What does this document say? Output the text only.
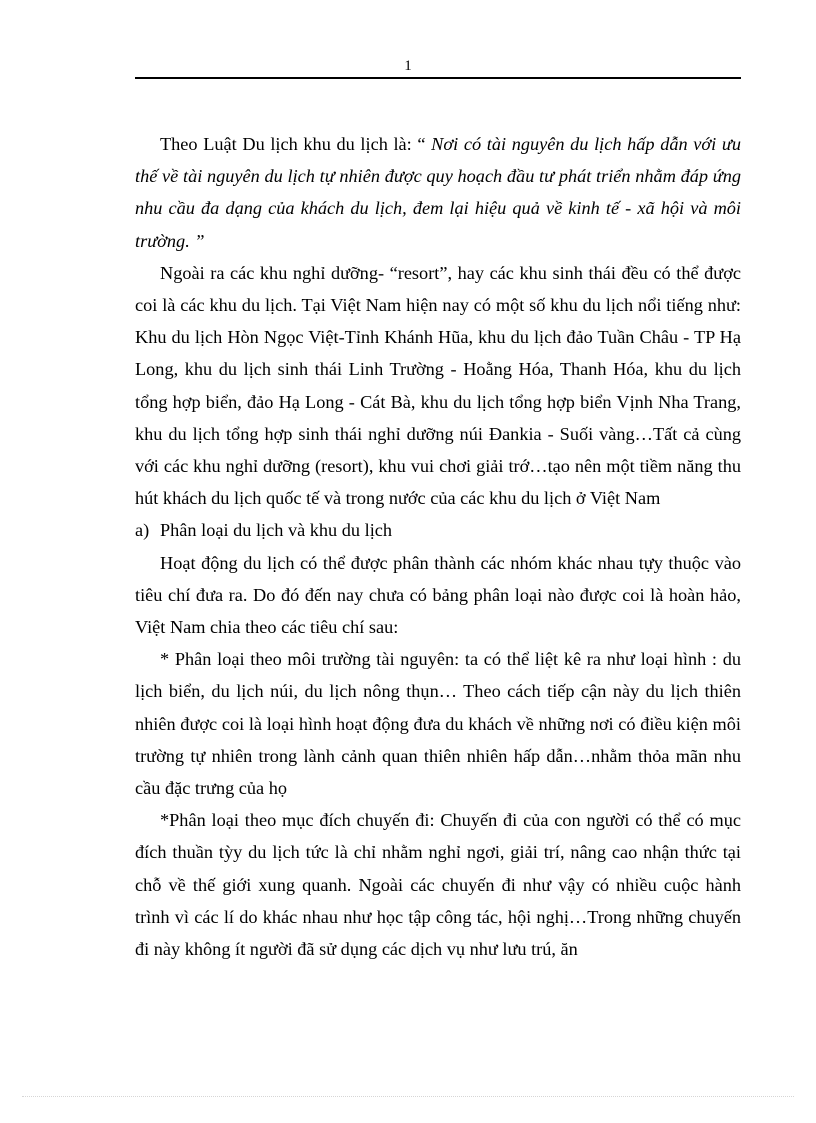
1

Theo Luật Du lịch khu du lịch là: “ Nơi có tài nguyên du lịch hấp dẫn với ưu thế về tài nguyên du lịch tự nhiên được quy hoạch đầu tư phát triển nhằm đáp ứng nhu cầu đa dạng của khách du lịch, đem lại hiệu quả về kinh tế - xã hội và môi trường. ”

Ngoài ra các khu nghỉ dưỡng- “resort”, hay các khu sinh thái đều có thể được coi là các khu du lịch. Tại Việt Nam hiện nay có một số khu du lịch nổi tiếng như: Khu du lịch Hòn Ngọc Việt-Tỉnh Khánh Hũa, khu du lịch đảo Tuần Châu - TP Hạ Long, khu du lịch sinh thái Linh Trường - Hoằng Hóa, Thanh Hóa, khu du lịch tổng hợp biển, đảo Hạ Long - Cát Bà, khu du lịch tổng hợp biển Vịnh Nha Trang, khu du lịch tổng hợp sinh thái nghỉ dưỡng núi Đankia - Suối vàng…Tất cả cùng với các khu nghỉ dưỡng (resort), khu vui chơi giải trớ…tạo nên một tiềm năng thu hút khách du lịch quốc tế và trong nước của các khu du lịch ở Việt Nam

a) Phân loại du lịch và khu du lịch

Hoạt động du lịch có thể được phân thành các nhóm khác nhau tựy thuộc vào tiêu chí đưa ra. Do đó đến nay chưa có bảng phân loại nào được coi là hoàn hảo, Việt Nam chia theo các tiêu chí sau:

* Phân loại theo môi trường tài nguyên: ta có thể liệt kê ra như loại hình : du lịch biển, du lịch núi, du lịch nông thụn… Theo cách tiếp cận này du lịch thiên nhiên được coi là loại hình hoạt động đưa du khách về những nơi có điều kiện môi trường tự nhiên trong lành cảnh quan thiên nhiên hấp dẫn…nhằm thỏa mãn nhu cầu đặc trưng của họ

*Phân loại theo mục đích chuyến đi: Chuyến đi của con người có thể có mục đích thuần tỳy du lịch tức là chỉ nhằm nghỉ ngơi, giải trí, nâng cao nhận thức tại chỗ về thế giới xung quanh. Ngoài các chuyến đi như vậy có nhiều cuộc hành trình vì các lí do khác nhau như học tập công tác, hội nghị…Trong những chuyến đi này không ít người đã sử dụng các dịch vụ như lưu trú, ăn
